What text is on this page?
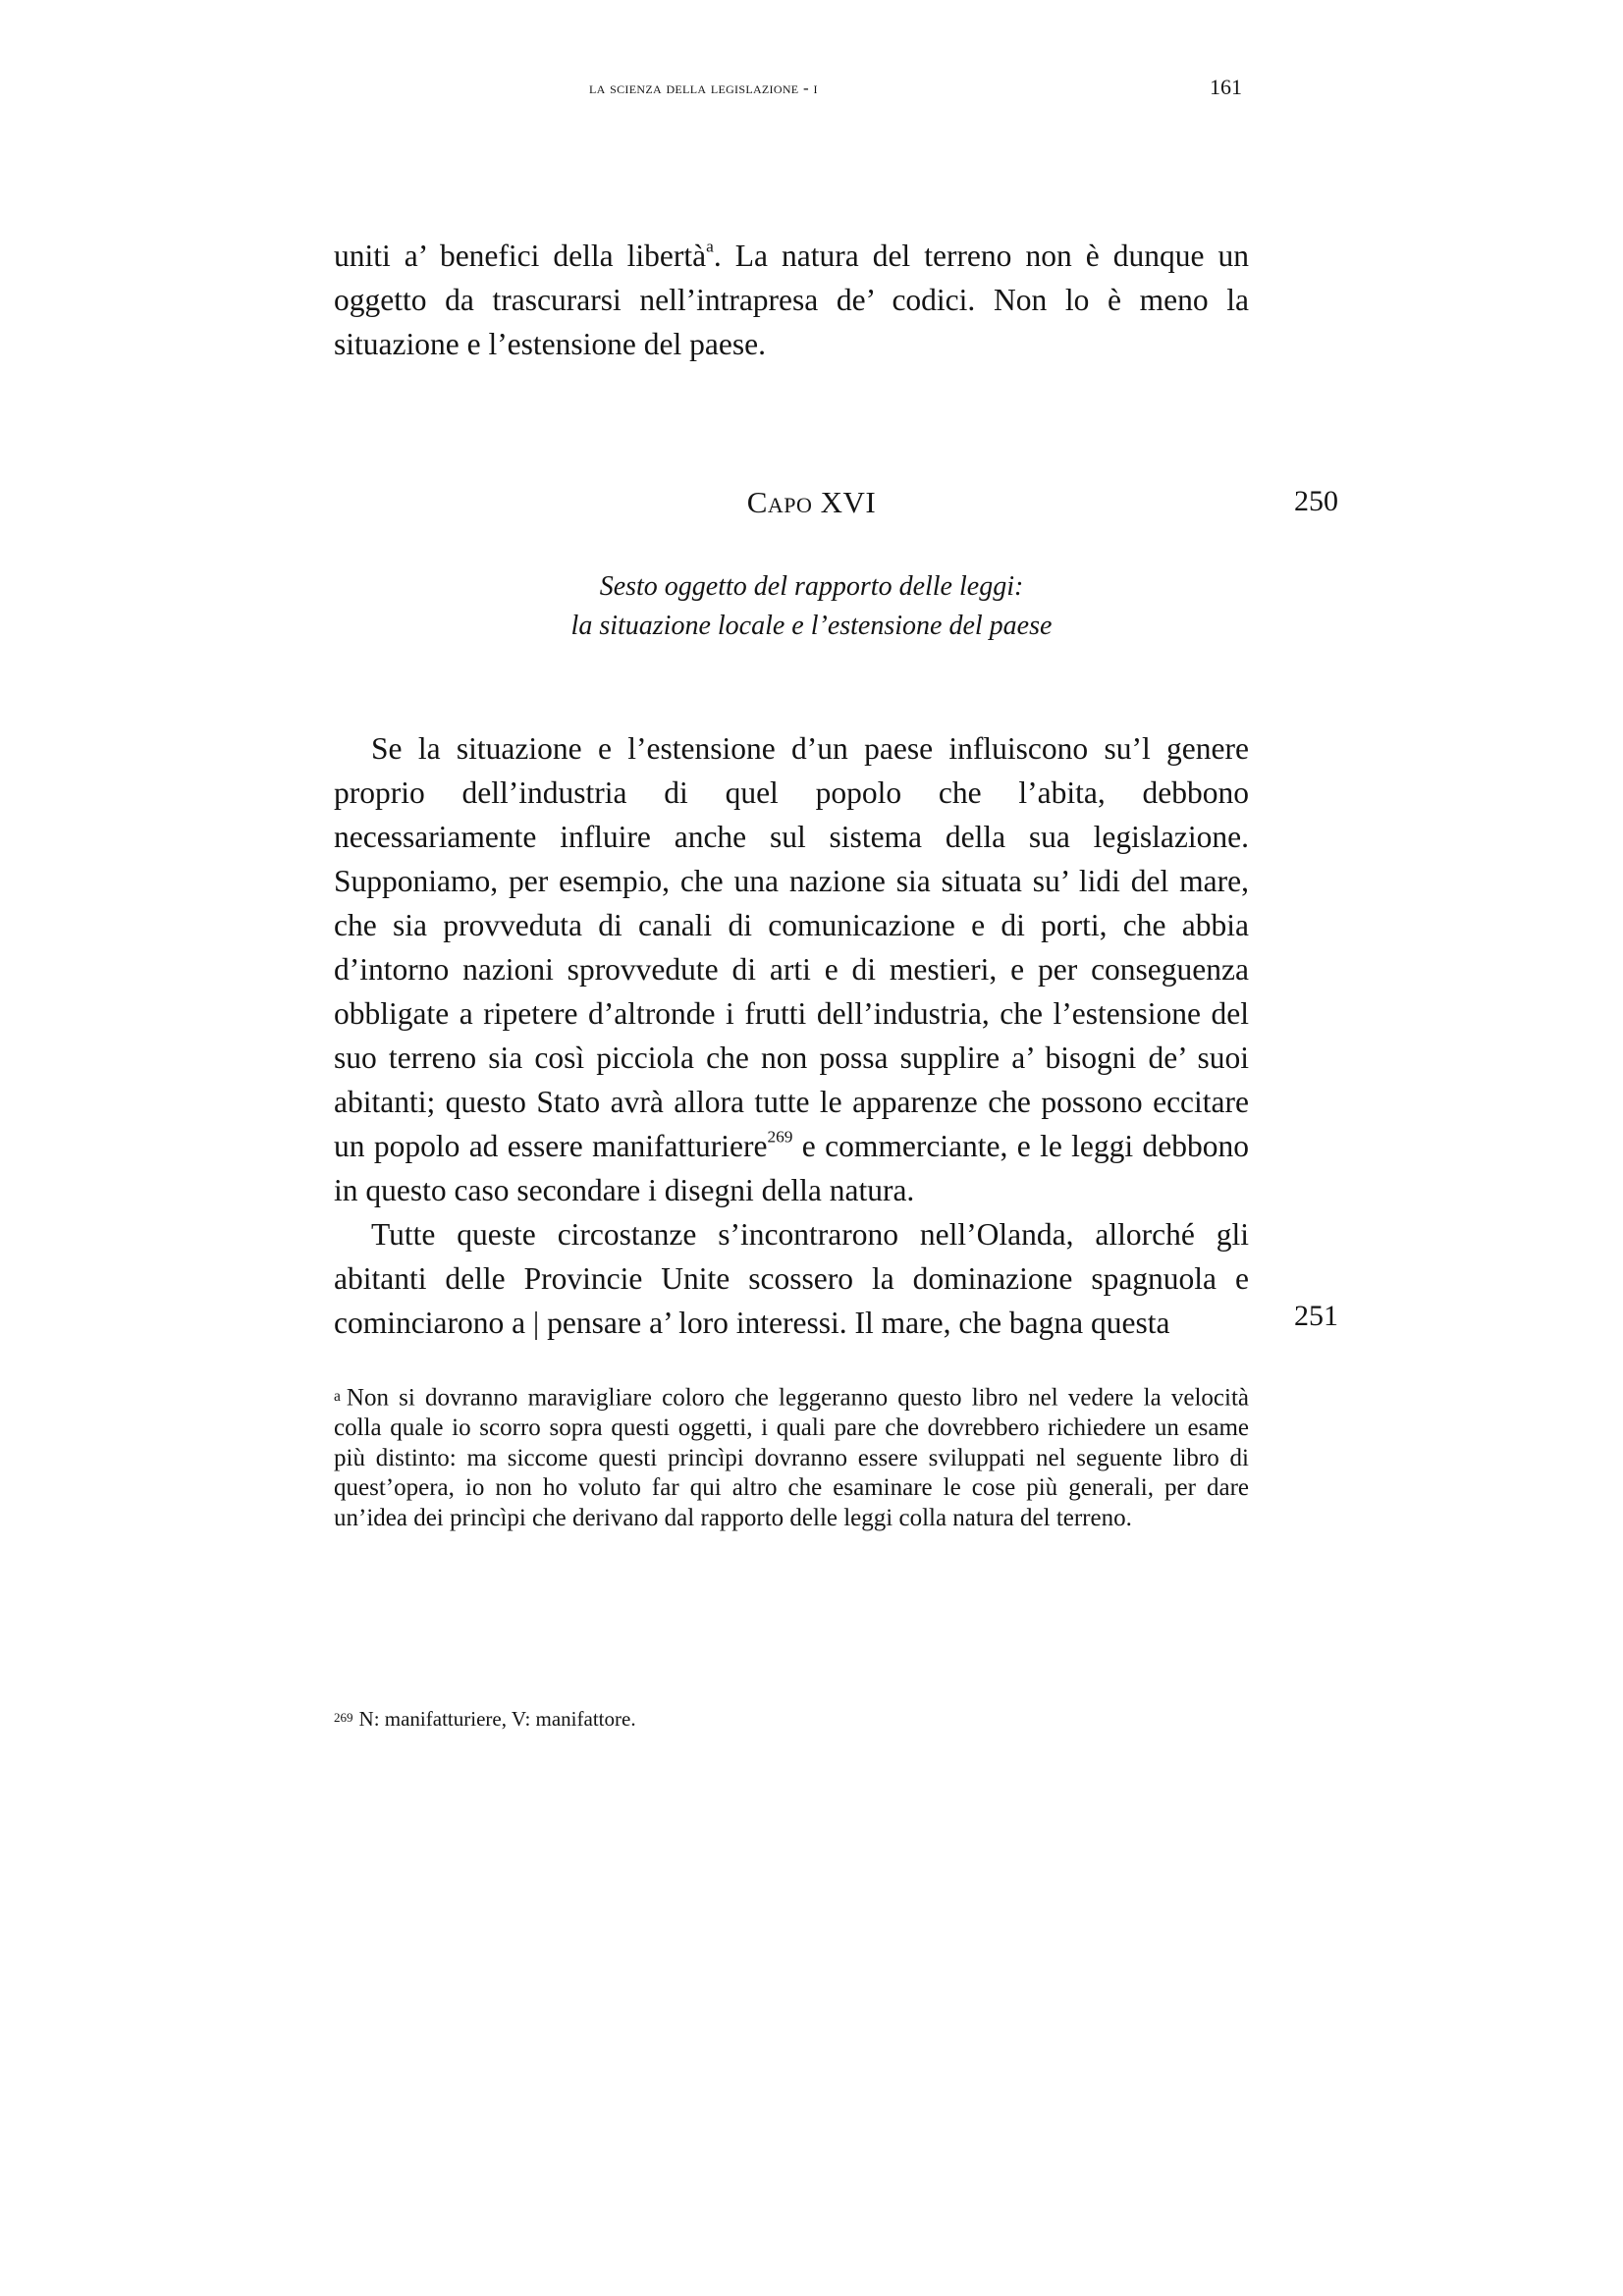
la scienza della legislazione - i	161

uniti a’ benefici della libertà$^a$. La natura del terreno non è dunque un oggetto da trascurarsi nell’intrapresa de’ codici. Non lo è meno la situazione e l’estensione del paese.

Capo XVI	250
Sesto oggetto del rapporto delle leggi:
la situazione locale e l’estensione del paese

Se la situazione e l’estensione d’un paese influiscono su’l genere proprio dell’industria di quel popolo che l’abita, debbono necessariamente influire anche sul sistema della sua legislazione. Supponiamo, per esempio, che una nazione sia situata su’ lidi del mare, che sia provveduta di canali di comunicazione e di porti, che abbia d’intorno nazioni sprovvedute di arti e di mestieri, e per conseguenza obbligate a ripetere d’altronde i frutti dell’industria, che l’estensione del suo terreno sia così picciola che non possa supplire a’ bisogni de’ suoi abitanti; questo Stato avrà allora tutte le apparenze che possono eccitare un popolo ad essere manifatturiere$^{269}$ e commerciante, e le leggi debbono in questo caso secondare i disegni della natura.

Tutte queste circostanze s’incontrarono nell’Olanda, allorché gli abitanti delle Provincie Unite scossero la dominazione spagnuola e cominciarono a | pensare a’ loro interessi. Il mare, che bagna questa	251

a Non si dovranno maravigliare coloro che leggeranno questo libro nel vedere la velocità colla quale io scorro sopra questi oggetti, i quali pare che dovrebbero richiedere un esame più distinto: ma siccome questi princìpi dovranno essere sviluppati nel seguente libro di quest’opera, io non ho voluto far qui altro che esaminare le cose più generali, per dare un’idea dei princìpi che derivano dal rapporto delle leggi colla natura del terreno.

269 N: manifatturiere, V: manifattore.
